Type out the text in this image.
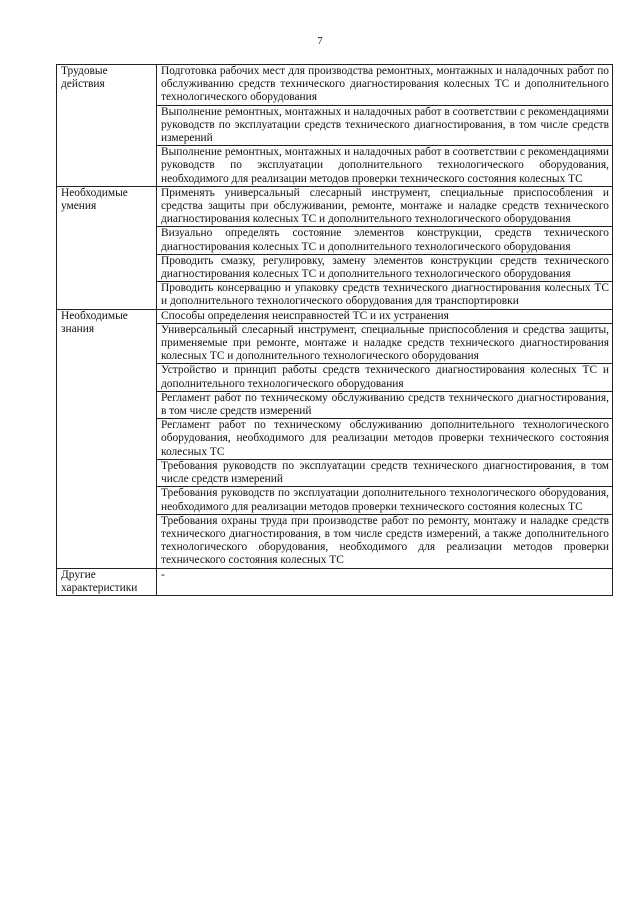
7
Трудовые действия	Подготовка рабочих мест для производства ремонтных, монтажных и наладочных работ по обслуживанию средств технического диагностирования колесных ТС и дополнительного технологического оборудования
	Выполнение ремонтных, монтажных и наладочных работ в соответствии с рекомендациями руководств по эксплуатации средств технического диагностирования, в том числе средств измерений
	Выполнение ремонтных, монтажных и наладочных работ в соответствии с рекомендациями руководств по эксплуатации дополнительного технологического оборудования, необходимого для реализации методов проверки технического состояния колесных ТС
Необходимые умения	Применять универсальный слесарный инструмент, специальные приспособления и средства защиты при обслуживании, ремонте, монтаже и наладке средств технического диагностирования колесных ТС и дополнительного технологического оборудования
	Визуально определять состояние элементов конструкции, средств технического диагностирования колесных ТС и дополнительного технологического оборудования
	Проводить смазку, регулировку, замену элементов конструкции средств технического диагностирования колесных ТС и дополнительного технологического оборудования
	Проводить консервацию и упаковку средств технического диагностирования колесных ТС и дополнительного технологического оборудования для транспортировки
Необходимые знания	Способы определения неисправностей ТС и их устранения
	Универсальный слесарный инструмент, специальные приспособления и средства защиты, применяемые при ремонте, монтаже и наладке средств технического диагностирования колесных ТС и дополнительного технологического оборудования
	Устройство и принцип работы средств технического диагностирования колесных ТС и дополнительного технологического оборудования
	Регламент работ по техническому обслуживанию средств технического диагностирования, в том числе средств измерений
	Регламент работ по техническому обслуживанию дополнительного технологического оборудования, необходимого для реализации методов проверки технического состояния колесных ТС
	Требования руководств по эксплуатации средств технического диагностирования, в том числе средств измерений
	Требования руководств по эксплуатации дополнительного технологического оборудования, необходимого для реализации методов проверки технического состояния колесных ТС
	Требования охраны труда при производстве работ по ремонту, монтажу и наладке средств технического диагностирования, в том числе средств измерений, а также дополнительного технологического оборудования, необходимого для реализации методов проверки технического состояния колесных ТС
Другие характеристики	-
